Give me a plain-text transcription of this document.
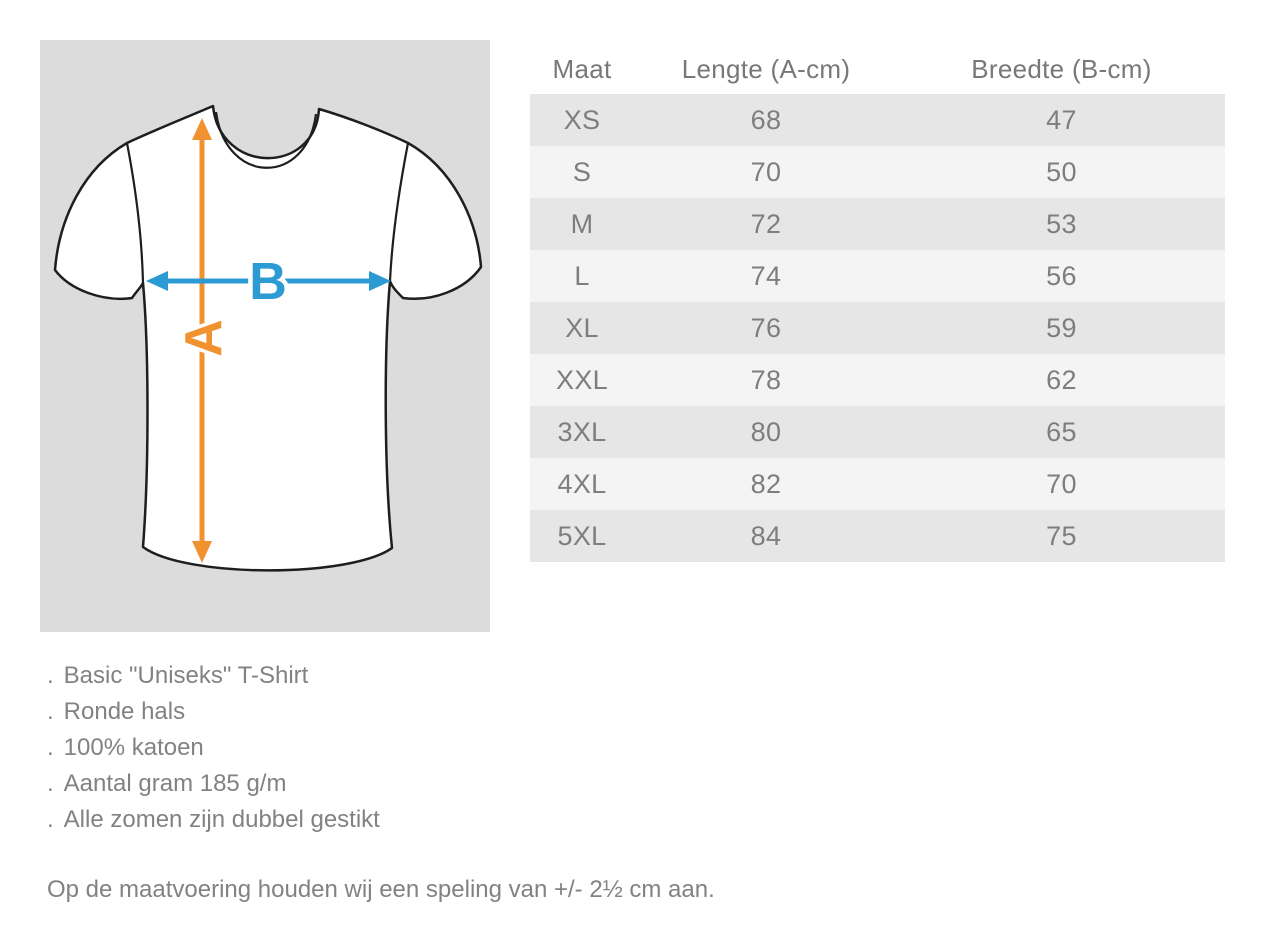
A
B
Maat	Lengte (A-cm)	Breedte (B-cm)
XS	68	47
S	70	50
M	72	53
L	74	56
XL	76	59
XXL	78	62
3XL	80	65
4XL	82	70
5XL	84	75
. Basic "Uniseks" T-Shirt
. Ronde hals
. 100% katoen
. Aantal gram 185 g/m
. Alle zomen zijn dubbel gestikt
Op de maatvoering houden wij een speling van +/- 2½ cm aan.
